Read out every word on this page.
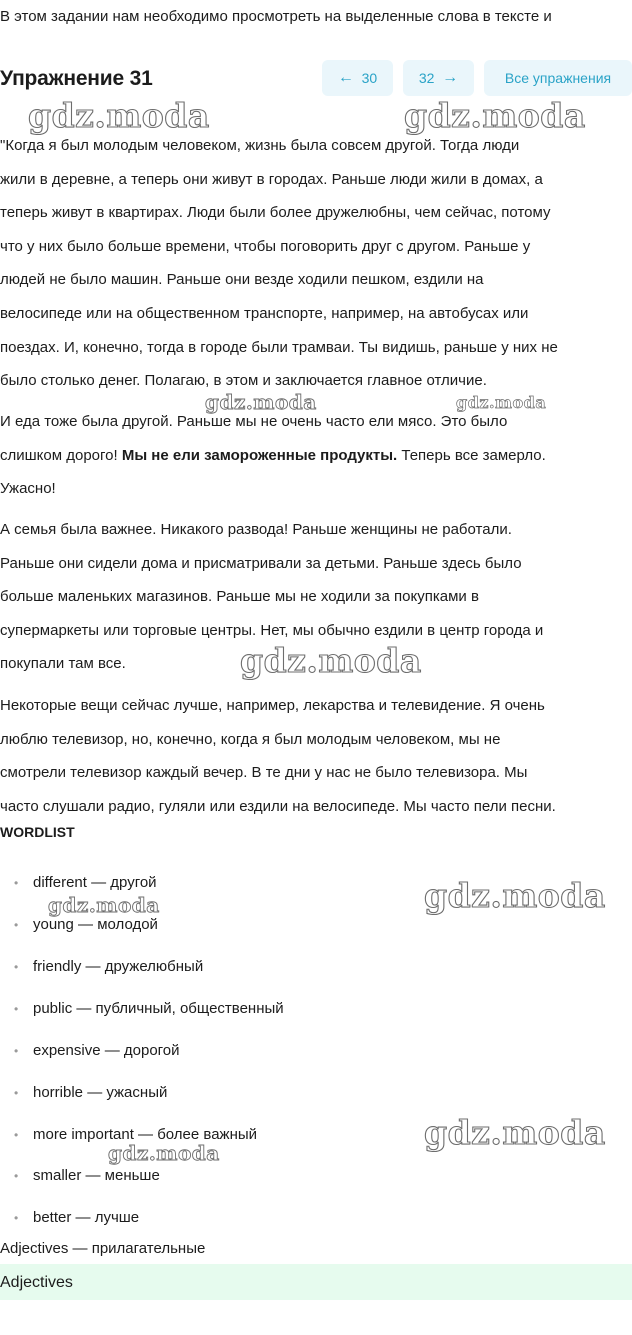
В этом задании нам необходимо просмотреть на выделенные слова в тексте и
Упражнение 31	← 30	32 →	Все упражнения
"Когда я был молодым человеком, жизнь была совсем другой. Тогда люди
жили в деревне, а теперь они живут в городах. Раньше люди жили в домах, а
теперь живут в квартирах. Люди были более дружелюбны, чем сейчас, потому
что у них было больше времени, чтобы поговорить друг с другом. Раньше у
людей не было машин. Раньше они везде ходили пешком, ездили на
велосипеде или на общественном транспорте, например, на автобусах или
поездах. И, конечно, тогда в городе были трамваи. Ты видишь, раньше у них не
было столько денег. Полагаю, в этом и заключается главное отличие.
И еда тоже была другой. Раньше мы не очень часто ели мясо. Это было
слишком дорого! Мы не ели замороженные продукты. Теперь все замерло.
Ужасно!
А семья была важнее. Никакого развода! Раньше женщины не работали.
Раньше они сидели дома и присматривали за детьми. Раньше здесь было
больше маленьких магазинов. Раньше мы не ходили за покупками в
супермаркеты или торговые центры. Нет, мы обычно ездили в центр города и
покупали там все.
Некоторые вещи сейчас лучше, например, лекарства и телевидение. Я очень
люблю телевизор, но, конечно, когда я был молодым человеком, мы не
смотрели телевизор каждый вечер. В те дни у нас не было телевизора. Мы
часто слушали радио, гуляли или ездили на велосипеде. Мы часто пели песни.
WORDLIST
• different — другой
• young — молодой
• friendly — дружелюбный
• public — публичный, общественный
• expensive — дорогой
• horrible — ужасный
• more important — более важный
• smaller — меньше
• better — лучше
Adjectives — прилагательные
Adjectives
gdz.moda	gdz.moda
gdz.moda	gdz.moda
gdz.moda
gdz.moda
gdz.moda
gdz.moda
gdz.moda
